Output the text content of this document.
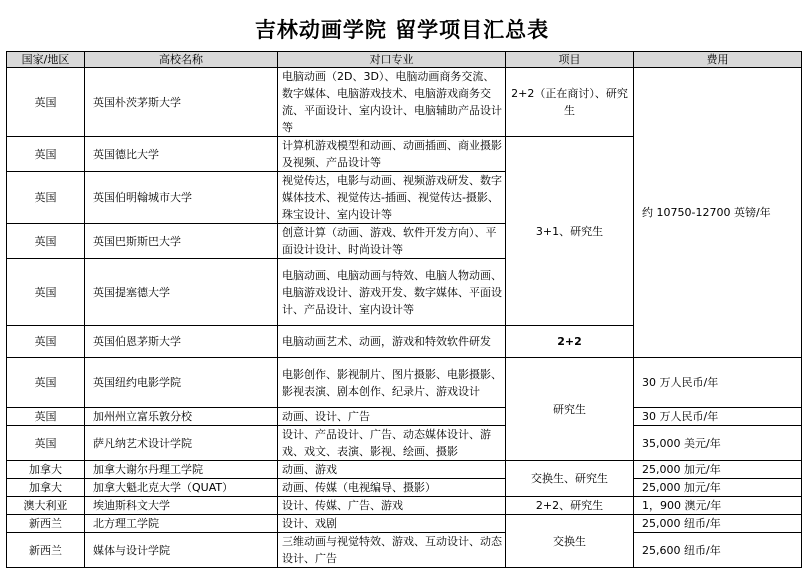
吉林动画学院 留学项目汇总表
国家/地区	高校名称	对口专业	项目	费用
英国	英国朴茨茅斯大学	电脑动画（2D、3D）、电脑动画商务交流、数字媒体、电脑游戏技术、电脑游戏商务交流、平面设计、室内设计、电脑辅助产品设计等	2+2（正在商讨）、研究生	约 10750-12700 英镑/年
英国	英国德比大学	计算机游戏模型和动画、动画插画、商业摄影及视频、产品设计等	3+1、研究生	
英国	英国伯明翰城市大学	视觉传达，电影与动画、视频游戏研发、数字媒体技术、视觉传达-插画、视觉传达-摄影、珠宝设计、室内设计等		
英国	英国巴斯斯巴大学	创意计算（动画、游戏、软件开发方向）、平面设计设计、时尚设计等		
英国	英国提塞德大学	电脑动画、电脑动画与特效、电脑人物动画、电脑游戏设计、游戏开发、数字媒体、平面设计、产品设计、室内设计等		
英国	英国伯恩茅斯大学	电脑动画艺术、动画，游戏和特效软件研发	2+2	
英国	英国纽约电影学院	电影创作、影视制片、图片摄影、电影摄影、影视表演、剧本创作、纪录片、游戏设计	研究生	30 万人民币/年
英国	加州州立富乐敦分校	动画、设计、广告		30 万人民币/年
英国	萨凡纳艺术设计学院	设计、产品设计、广告、动态媒体设计、游戏、戏文、表演、影视、绘画、摄影		35,000 美元/年
加拿大	加拿大谢尔丹理工学院	动画、游戏	交换生、研究生	25,000 加元/年
加拿大	加拿大魁北克大学（QUAT）	动画、传媒（电视编导、摄影）		25,000 加元/年
澳大利亚	埃迪斯科文大学	设计、传媒、广告、游戏	2+2、研究生	1，900 澳元/年
新西兰	北方理工学院	设计、戏剧	交换生	25,000 纽币/年
新西兰	媒体与设计学院	三维动画与视觉特效、游戏、互动设计、动态设计、广告		25,600 纽币/年
